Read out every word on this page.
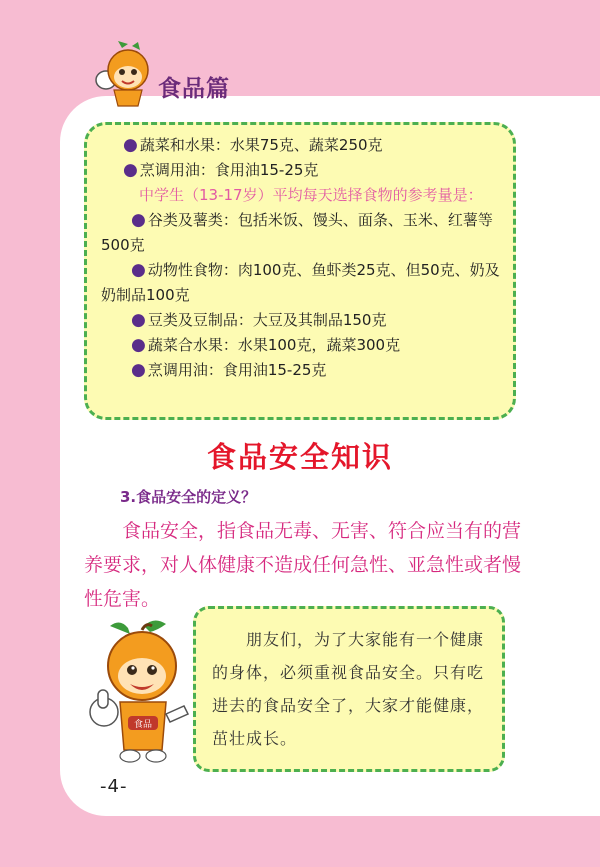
食品篇
● 蔬菜和水果：水果75克、蔬菜250克
● 烹调用油：食用油15-25克
中学生（13-17岁）平均每天选择食物的参考量是：
● 谷类及薯类：包括米饭、馒头、面条、玉米、红薯等500克
● 动物性食物：肉100克、鱼虾类25克、但50克、奶及奶制品100克
● 豆类及豆制品：大豆及其制品150克
● 蔬菜合水果：水果100克，蔬菜300克
● 烹调用油：食用油15-25克
食品安全知识
3.食品安全的定义？
食品安全，指食品无毒、无害、符合应当有的营养要求，对人体健康不造成任何急性、亚急性或者慢性危害。
食品
朋友们，为了大家能有一个健康的身体，必须重视食品安全。只有吃进去的食品安全了，大家才能健康，茁壮成长。
-4-
